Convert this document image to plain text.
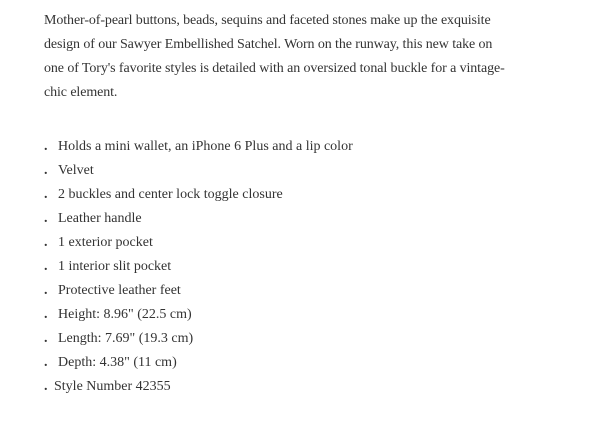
Mother-of-pearl buttons, beads, sequins and faceted stones make up the exquisite design of our Sawyer Embellished Satchel. Worn on the runway, this new take on one of Tory's favorite styles is detailed with an oversized tonal buckle for a vintage-chic element.

. Holds a mini wallet, an iPhone 6 Plus and a lip color
. Velvet
. 2 buckles and center lock toggle closure
. Leather handle
. 1 exterior pocket
. 1 interior slit pocket
. Protective leather feet
. Height: 8.96" (22.5 cm)
. Length: 7.69" (19.3 cm)
. Depth: 4.38" (11 cm)
. Style Number 42355
